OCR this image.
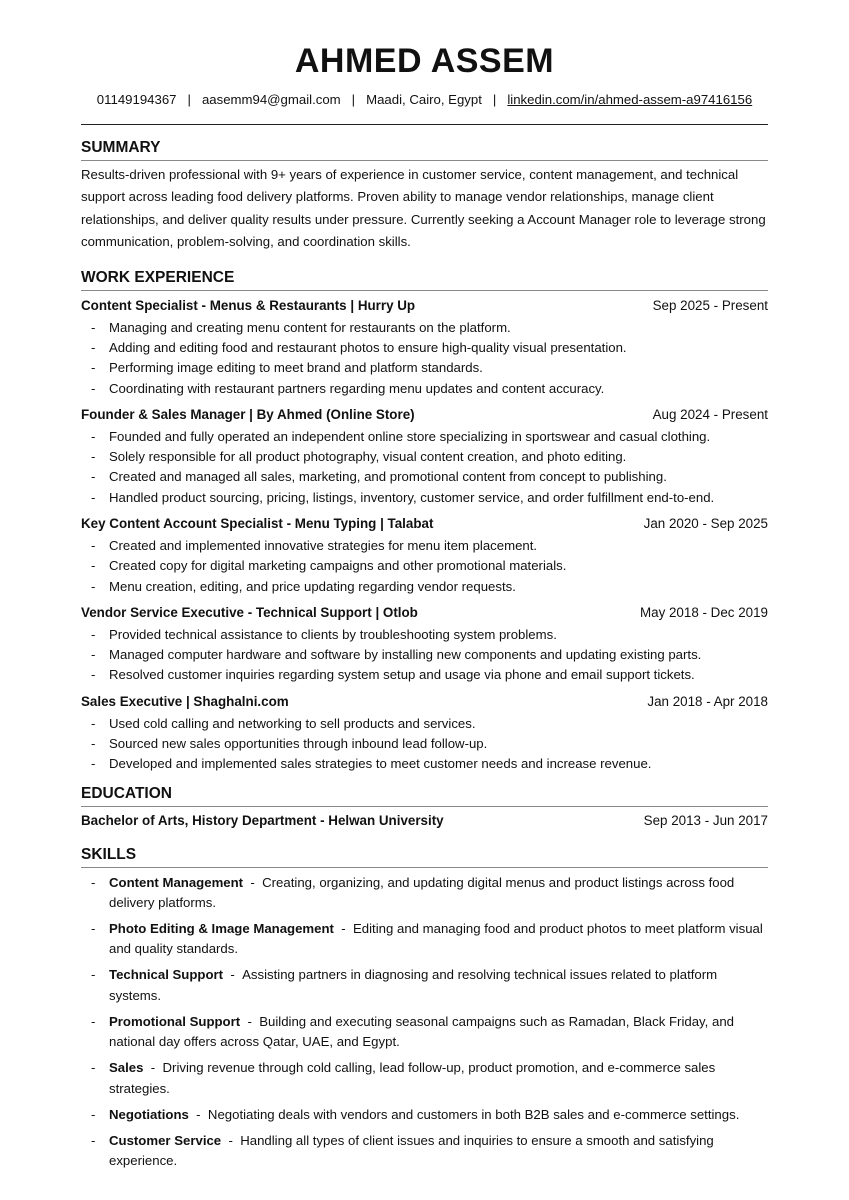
AHMED ASSEM
01149194367 | aasemm94@gmail.com | Maadi, Cairo, Egypt | linkedin.com/in/ahmed-assem-a97416156
SUMMARY
Results-driven professional with 9+ years of experience in customer service, content management, and technical support across leading food delivery platforms. Proven ability to manage vendor relationships, manage client relationships, and deliver quality results under pressure. Currently seeking a Account Manager role to leverage strong communication, problem-solving, and coordination skills.
WORK EXPERIENCE
Content Specialist - Menus & Restaurants | Hurry Up	Sep 2025 - Present
- Managing and creating menu content for restaurants on the platform.
- Adding and editing food and restaurant photos to ensure high-quality visual presentation.
- Performing image editing to meet brand and platform standards.
- Coordinating with restaurant partners regarding menu updates and content accuracy.
Founder & Sales Manager | By Ahmed (Online Store)	Aug 2024 - Present
- Founded and fully operated an independent online store specializing in sportswear and casual clothing.
- Solely responsible for all product photography, visual content creation, and photo editing.
- Created and managed all sales, marketing, and promotional content from concept to publishing.
- Handled product sourcing, pricing, listings, inventory, customer service, and order fulfillment end-to-end.
Key Content Account Specialist - Menu Typing | Talabat	Jan 2020 - Sep 2025
- Created and implemented innovative strategies for menu item placement.
- Created copy for digital marketing campaigns and other promotional materials.
- Menu creation, editing, and price updating regarding vendor requests.
Vendor Service Executive - Technical Support | Otlob	May 2018 - Dec 2019
- Provided technical assistance to clients by troubleshooting system problems.
- Managed computer hardware and software by installing new components and updating existing parts.
- Resolved customer inquiries regarding system setup and usage via phone and email support tickets.
Sales Executive | Shaghalni.com	Jan 2018 - Apr 2018
- Used cold calling and networking to sell products and services.
- Sourced new sales opportunities through inbound lead follow-up.
- Developed and implemented sales strategies to meet customer needs and increase revenue.
EDUCATION
Bachelor of Arts, History Department - Helwan University	Sep 2013 - Jun 2017
SKILLS
- Content Management  -  Creating, organizing, and updating digital menus and product listings across food delivery platforms.
- Photo Editing & Image Management  -  Editing and managing food and product photos to meet platform visual and quality standards.
- Technical Support  -  Assisting partners in diagnosing and resolving technical issues related to platform systems.
- Promotional Support  -  Building and executing seasonal campaigns such as Ramadan, Black Friday, and national day offers across Qatar, UAE, and Egypt.
- Sales  -  Driving revenue through cold calling, lead follow-up, product promotion, and e-commerce sales strategies.
- Negotiations  -  Negotiating deals with vendors and customers in both B2B sales and e-commerce settings.
- Customer Service  -  Handling all types of client issues and inquiries to ensure a smooth and satisfying experience.
